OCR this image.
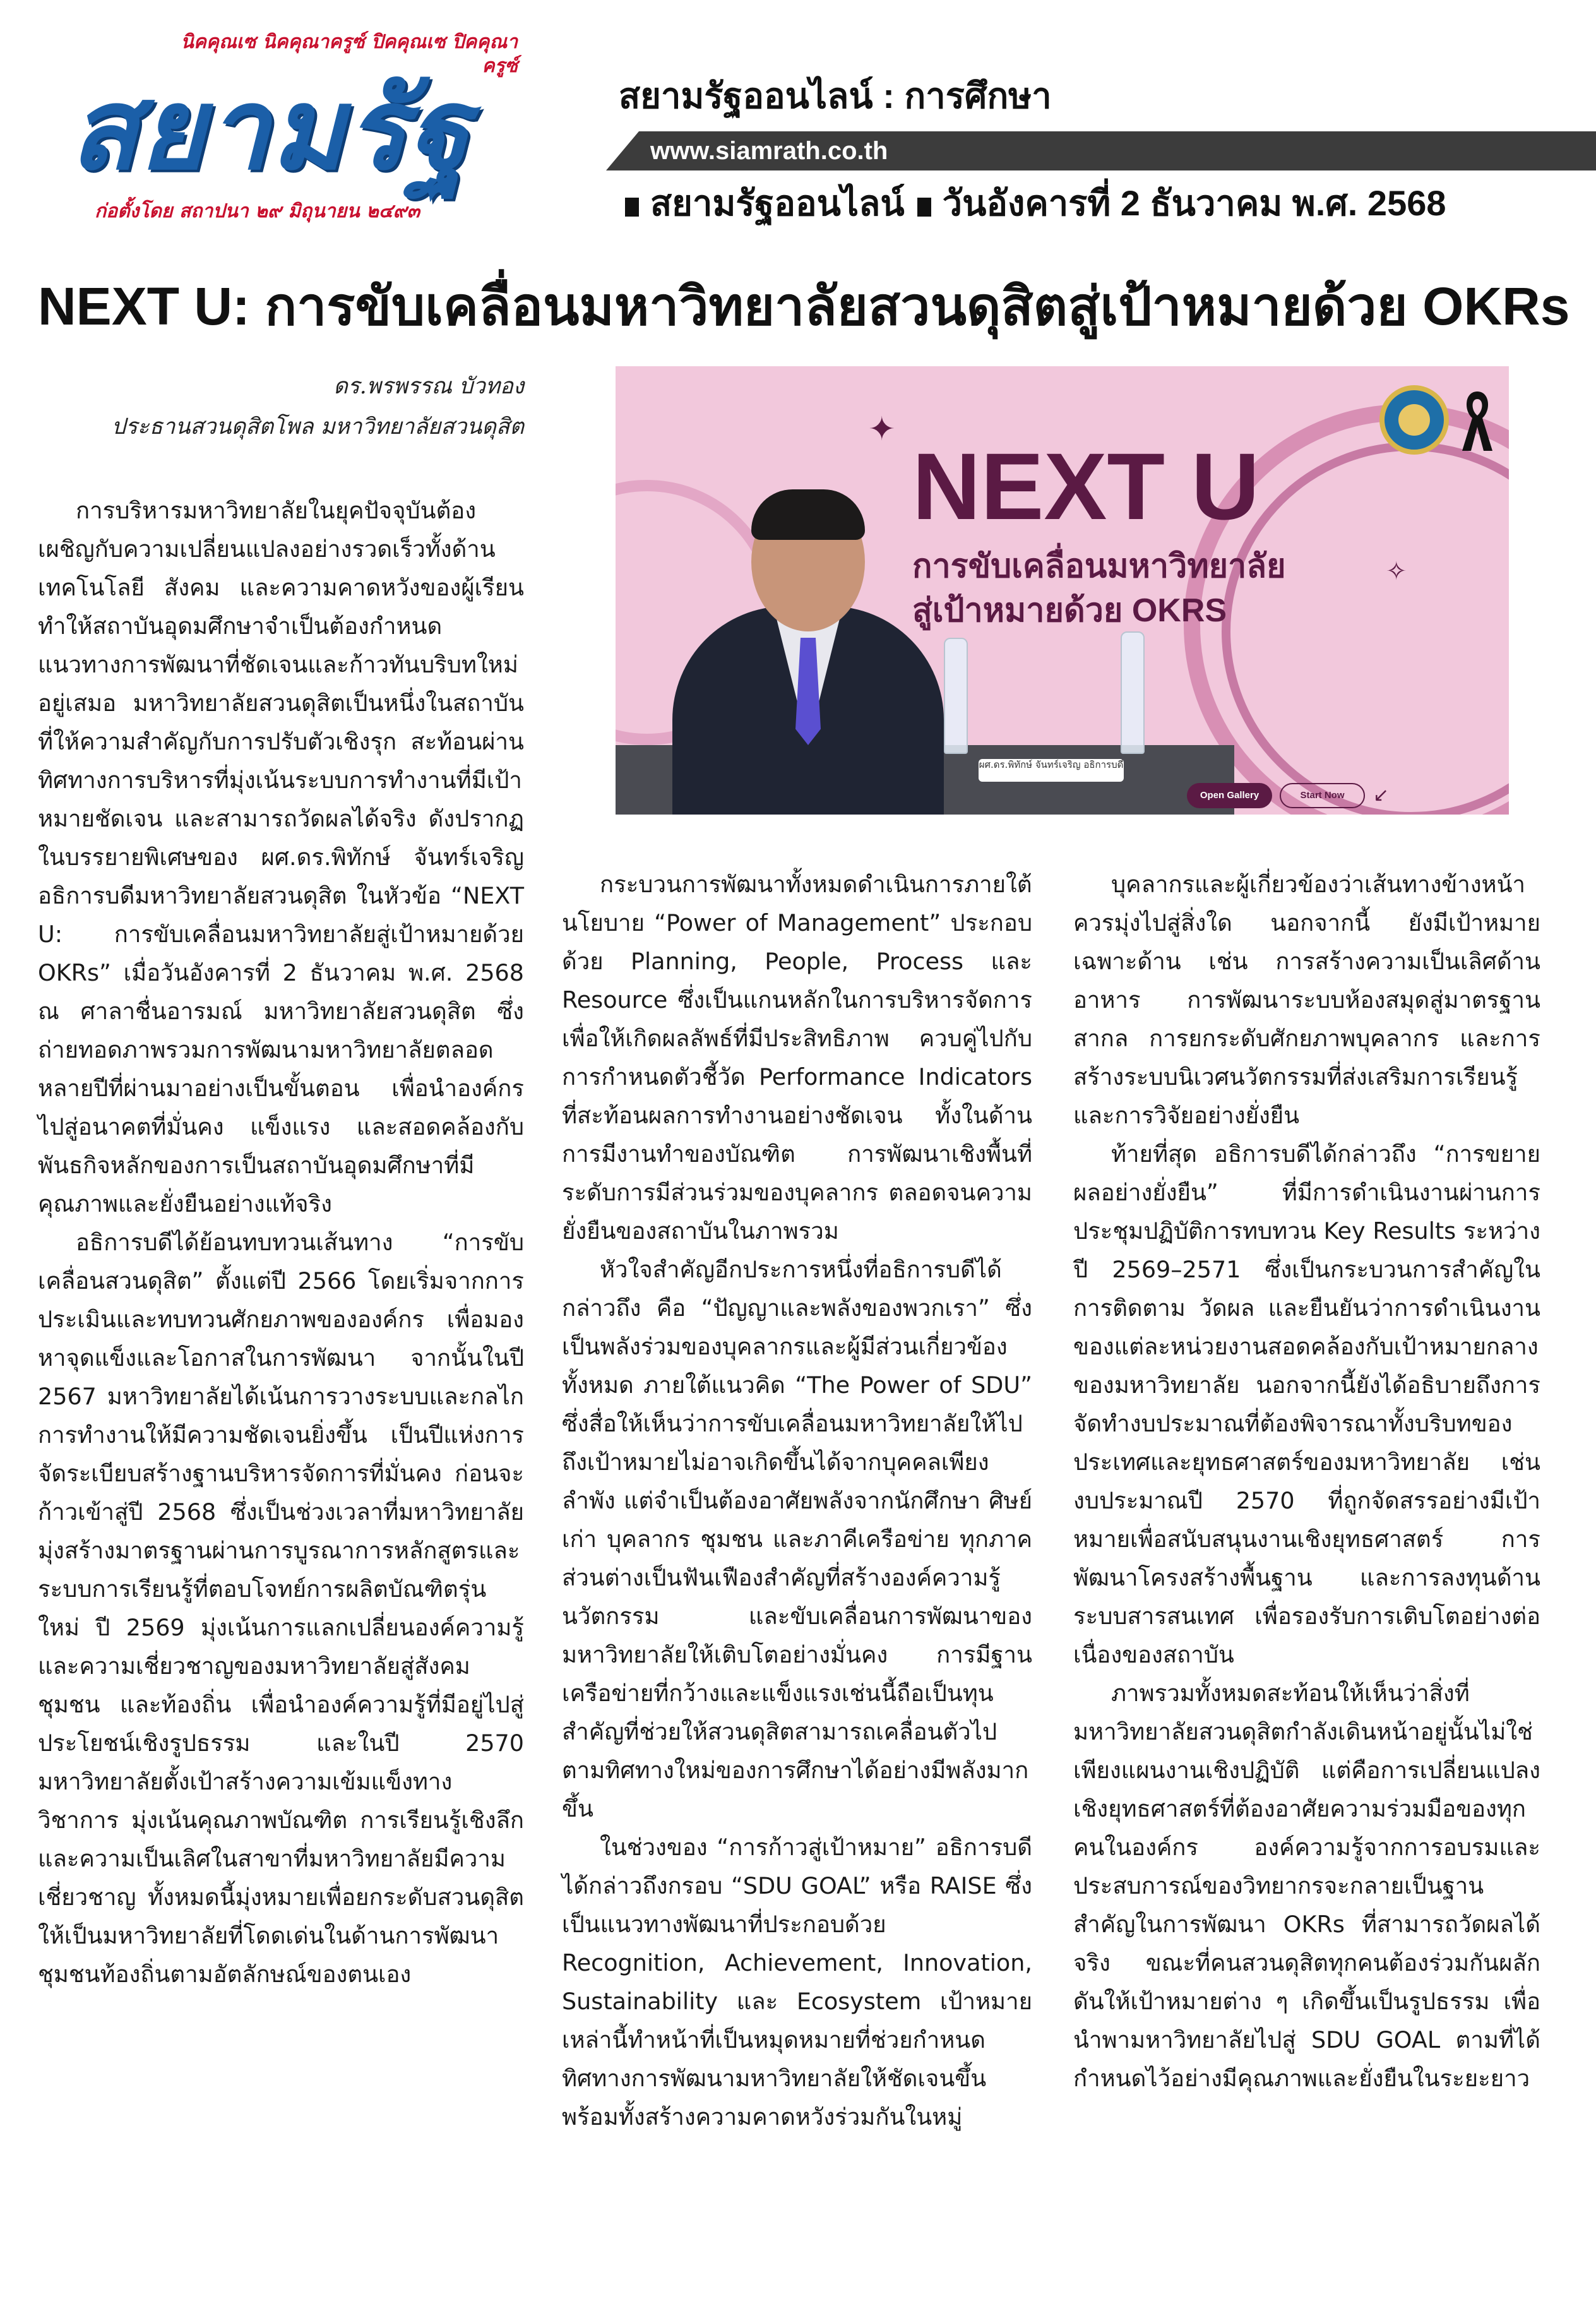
นิคคุณเซ นิคคุณาครูซ์ ปิคคุณเซ ปิคคุณาครูซ์
สยามรัฐ
ก่อตั้งโดย สถาปนา ๒๙ มิถุนายน ๒๔๙๓
สยามรัฐออนไลน์ : การศึกษา
www.siamrath.co.th
สยามรัฐออนไลน์ วันอังคารที่ 2 ธันวาคม พ.ศ. 2568
NEXT U: การขับเคลื่อนมหาวิทยาลัยสวนดุสิตสู่เป้าหมายด้วย OKRs
ดร.พรพรรณ บัวทอง
ประธานสวนดุสิตโพล มหาวิทยาลัยสวนดุสิต	✦
✧
NEXT U
การขับเคลื่อนมหาวิทยาลัย
สู่เป้าหมายด้วย OKRS
ผศ.ดร.พิทักษ์ จันทร์เจริญ อธิการบดี
Open Gallery	Start Now	↙

การบริหารมหาวิทยาลัยในยุคปัจจุบันต้องเผชิญกับความเปลี่ยนแปลงอย่างรวดเร็วทั้งด้านเทคโนโลยี สังคม และความคาดหวังของผู้เรียน ทำให้สถาบันอุดมศึกษาจำเป็นต้องกำหนดแนวทางการพัฒนาที่ชัดเจนและก้าวทันบริบทใหม่อยู่เสมอ มหาวิทยาลัยสวนดุสิตเป็นหนึ่งในสถาบันที่ให้ความสำคัญกับการปรับตัวเชิงรุก สะท้อนผ่านทิศทางการบริหารที่มุ่งเน้นระบบการทำงานที่มีเป้าหมายชัดเจน และสามารถวัดผลได้จริง ดังปรากฏในบรรยายพิเศษของ ผศ.ดร.พิทักษ์ จันทร์เจริญ อธิการบดีมหาวิทยาลัยสวนดุสิต ในหัวข้อ “NEXT U: การขับเคลื่อนมหาวิทยาลัยสู่เป้าหมายด้วย OKRs” เมื่อวันอังคารที่ 2 ธันวาคม พ.ศ. 2568 ณ ศาลาชื่นอารมณ์ มหาวิทยาลัยสวนดุสิต ซึ่งถ่ายทอดภาพรวมการพัฒนามหาวิทยาลัยตลอดหลายปีที่ผ่านมาอย่างเป็นขั้นตอน เพื่อนำองค์กรไปสู่อนาคตที่มั่นคง แข็งแรง และสอดคล้องกับพันธกิจหลักของการเป็นสถาบันอุดมศึกษาที่มีคุณภาพและยั่งยืนอย่างแท้จริง

อธิการบดีได้ย้อนทบทวนเส้นทาง “การขับเคลื่อนสวนดุสิต” ตั้งแต่ปี 2566 โดยเริ่มจากการประเมินและทบทวนศักยภาพขององค์กร เพื่อมองหาจุดแข็งและโอกาสในการพัฒนา จากนั้นในปี 2567 มหาวิทยาลัยได้เน้นการวางระบบและกลไกการทำงานให้มีความชัดเจนยิ่งขึ้น เป็นปีแห่งการจัดระเบียบสร้างฐานบริหารจัดการที่มั่นคง ก่อนจะก้าวเข้าสู่ปี 2568 ซึ่งเป็นช่วงเวลาที่มหาวิทยาลัยมุ่งสร้างมาตรฐานผ่านการบูรณาการหลักสูตรและระบบการเรียนรู้ที่ตอบโจทย์การผลิตบัณฑิตรุ่นใหม่ ปี 2569 มุ่งเน้นการแลกเปลี่ยนองค์ความรู้และความเชี่ยวชาญของมหาวิทยาลัยสู่สังคม ชุมชน และท้องถิ่น เพื่อนำองค์ความรู้ที่มีอยู่ไปสู่ประโยชน์เชิงรูปธรรม และในปี 2570 มหาวิทยาลัยตั้งเป้าสร้างความเข้มแข็งทางวิชาการ มุ่งเน้นคุณภาพบัณฑิต การเรียนรู้เชิงลึก และความเป็นเลิศในสาขาที่มหาวิทยาลัยมีความเชี่ยวชาญ ทั้งหมดนี้มุ่งหมายเพื่อยกระดับสวนดุสิตให้เป็นมหาวิทยาลัยที่โดดเด่นในด้านการพัฒนาชุมชนท้องถิ่นตามอัตลักษณ์ของตนเอง

กระบวนการพัฒนาทั้งหมดดำเนินการภายใต้นโยบาย “Power of Management” ประกอบด้วย Planning, People, Process และ Resource ซึ่งเป็นแกนหลักในการบริหารจัดการเพื่อให้เกิดผลลัพธ์ที่มีประสิทธิภาพ ควบคู่ไปกับการกำหนดตัวชี้วัด Performance Indicators ที่สะท้อนผลการทำงานอย่างชัดเจน ทั้งในด้านการมีงานทำของบัณฑิต การพัฒนาเชิงพื้นที่ ระดับการมีส่วนร่วมของบุคลากร ตลอดจนความยั่งยืนของสถาบันในภาพรวม

หัวใจสำคัญอีกประการหนึ่งที่อธิการบดีได้กล่าวถึง คือ “ปัญญาและพลังของพวกเรา” ซึ่งเป็นพลังร่วมของบุคลากรและผู้มีส่วนเกี่ยวข้องทั้งหมด ภายใต้แนวคิด “The Power of SDU” ซึ่งสื่อให้เห็นว่าการขับเคลื่อนมหาวิทยาลัยให้ไปถึงเป้าหมายไม่อาจเกิดขึ้นได้จากบุคคลเพียงลำพัง แต่จำเป็นต้องอาศัยพลังจากนักศึกษา ศิษย์เก่า บุคลากร ชุมชน และภาคีเครือข่าย ทุกภาคส่วนต่างเป็นฟันเฟืองสำคัญที่สร้างองค์ความรู้ นวัตกรรม และขับเคลื่อนการพัฒนาของมหาวิทยาลัยให้เติบโตอย่างมั่นคง การมีฐานเครือข่ายที่กว้างและแข็งแรงเช่นนี้ถือเป็นทุนสำคัญที่ช่วยให้สวนดุสิตสามารถเคลื่อนตัวไปตามทิศทางใหม่ของการศึกษาได้อย่างมีพลังมากขึ้น

ในช่วงของ “การก้าวสู่เป้าหมาย” อธิการบดีได้กล่าวถึงกรอบ “SDU GOAL” หรือ RAISE ซึ่งเป็นแนวทางพัฒนาที่ประกอบด้วย Recognition, Achievement, Innovation, Sustainability และ Ecosystem เป้าหมายเหล่านี้ทำหน้าที่เป็นหมุดหมายที่ช่วยกำหนดทิศทางการพัฒนามหาวิทยาลัยให้ชัดเจนขึ้น พร้อมทั้งสร้างความคาดหวังร่วมกันในหมู่

บุคลากรและผู้เกี่ยวข้องว่าเส้นทางข้างหน้าควรมุ่งไปสู่สิ่งใด นอกจากนี้ ยังมีเป้าหมายเฉพาะด้าน เช่น การสร้างความเป็นเลิศด้านอาหาร การพัฒนาระบบห้องสมุดสู่มาตรฐานสากล การยกระดับศักยภาพบุคลากร และการสร้างระบบนิเวศนวัตกรรมที่ส่งเสริมการเรียนรู้และการวิจัยอย่างยั่งยืน

ท้ายที่สุด อธิการบดีได้กล่าวถึง “การขยายผลอย่างยั่งยืน” ที่มีการดำเนินงานผ่านการประชุมปฏิบัติการทบทวน Key Results ระหว่างปี 2569–2571 ซึ่งเป็นกระบวนการสำคัญในการติดตาม วัดผล และยืนยันว่าการดำเนินงานของแต่ละหน่วยงานสอดคล้องกับเป้าหมายกลางของมหาวิทยาลัย นอกจากนี้ยังได้อธิบายถึงการจัดทำงบประมาณที่ต้องพิจารณาทั้งบริบทของประเทศและยุทธศาสตร์ของมหาวิทยาลัย เช่น งบประมาณปี 2570 ที่ถูกจัดสรรอย่างมีเป้าหมายเพื่อสนับสนุนงานเชิงยุทธศาสตร์ การพัฒนาโครงสร้างพื้นฐาน และการลงทุนด้านระบบสารสนเทศ เพื่อรองรับการเติบโตอย่างต่อเนื่องของสถาบัน

ภาพรวมทั้งหมดสะท้อนให้เห็นว่าสิ่งที่มหาวิทยาลัยสวนดุสิตกำลังเดินหน้าอยู่นั้นไม่ใช่เพียงแผนงานเชิงปฏิบัติ แต่คือการเปลี่ยนแปลงเชิงยุทธศาสตร์ที่ต้องอาศัยความร่วมมือของทุกคนในองค์กร องค์ความรู้จากการอบรมและประสบการณ์ของวิทยากรจะกลายเป็นฐานสำคัญในการพัฒนา OKRs ที่สามารถวัดผลได้จริง ขณะที่คนสวนดุสิตทุกคนต้องร่วมกันผลักดันให้เป้าหมายต่าง ๆ เกิดขึ้นเป็นรูปธรรม เพื่อนำพามหาวิทยาลัยไปสู่ SDU GOAL ตามที่ได้กำหนดไว้อย่างมีคุณภาพและยั่งยืนในระยะยาว
